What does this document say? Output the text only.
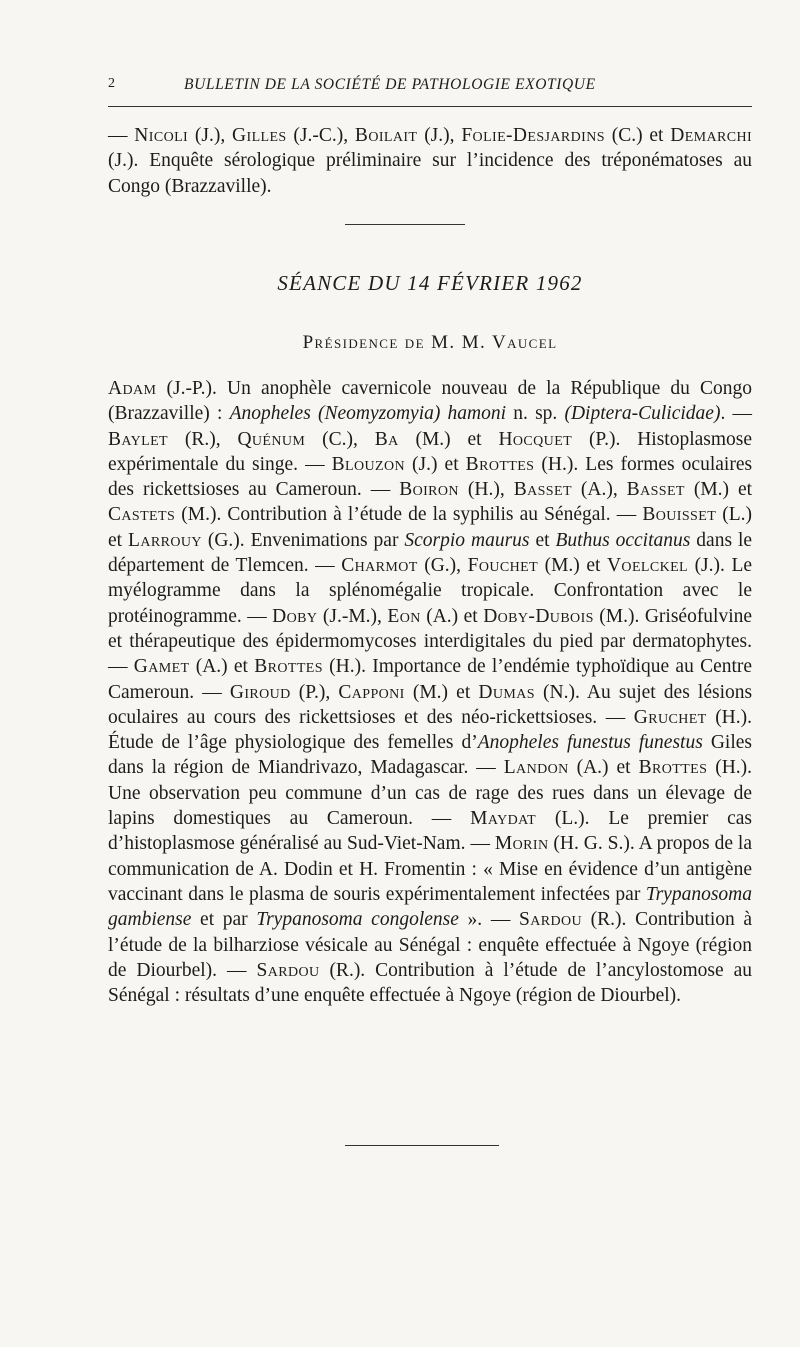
2	BULLETIN DE LA SOCIÉTÉ DE PATHOLOGIE EXOTIQUE
— Nicoli (J.), Gilles (J.-C.), Boilait (J.), Folie-Desjardins (C.) et Demarchi (J.). Enquête sérologique préliminaire sur l’incidence des tréponématoses au Congo (Brazzaville).
SÉANCE DU 14 FÉVRIER 1962
Présidence de M. M. Vaucel
Adam (J.-P.). Un anophèle cavernicole nouveau de la République du Congo (Brazzaville) : Anopheles (Neomyzomyia) hamoni n. sp. (Diptera-Culicidae). — Baylet (R.), Quénum (C.), Ba (M.) et Hocquet (P.). Histoplasmose expérimentale du singe. — Blouzon (J.) et Brottes (H.). Les formes oculaires des rickettsioses au Cameroun. — Boiron (H.), Basset (A.), Basset (M.) et Castets (M.). Contribution à l’étude de la syphilis au Sénégal. — Bouisset (L.) et Larrouy (G.). Envenimations par Scorpio maurus et Buthus occitanus dans le département de Tlemcen. — Charmot (G.), Fouchet (M.) et Voelckel (J.). Le myélogramme dans la splénomégalie tropicale. Confrontation avec le protéinogramme. — Doby (J.-M.), Eon (A.) et Doby-Dubois (M.). Griséofulvine et thérapeutique des épidermomycoses interdigitales du pied par dermatophytes. — Gamet (A.) et Brottes (H.). Importance de l’endémie typhoïdique au Centre Cameroun. — Giroud (P.), Capponi (M.) et Dumas (N.). Au sujet des lésions oculaires au cours des rickettsioses et des néo-rickettsioses. — Gruchet (H.). Étude de l’âge physiologique des femelles d’Anopheles funestus funestus Giles dans la région de Miandrivazo, Madagascar. — Landon (A.) et Brottes (H.). Une observation peu commune d’un cas de rage des rues dans un élevage de lapins domestiques au Cameroun. — Maydat (L.). Le premier cas d’histoplasmose généralisé au Sud-Viet-Nam. — Morin (H. G. S.). A propos de la communication de A. Dodin et H. Fromentin : « Mise en évidence d’un antigène vaccinant dans le plasma de souris expérimentalement infectées par Trypanosoma gambiense et par Trypanosoma congolense ». — Sardou (R.). Contribution à l’étude de la bilharziose vésicale au Sénégal : enquête effectuée à Ngoye (région de Diourbel). — Sardou (R.). Contribution à l’étude de l’ancylostomose au Sénégal : résultats d’une enquête effectuée à Ngoye (région de Diourbel).
